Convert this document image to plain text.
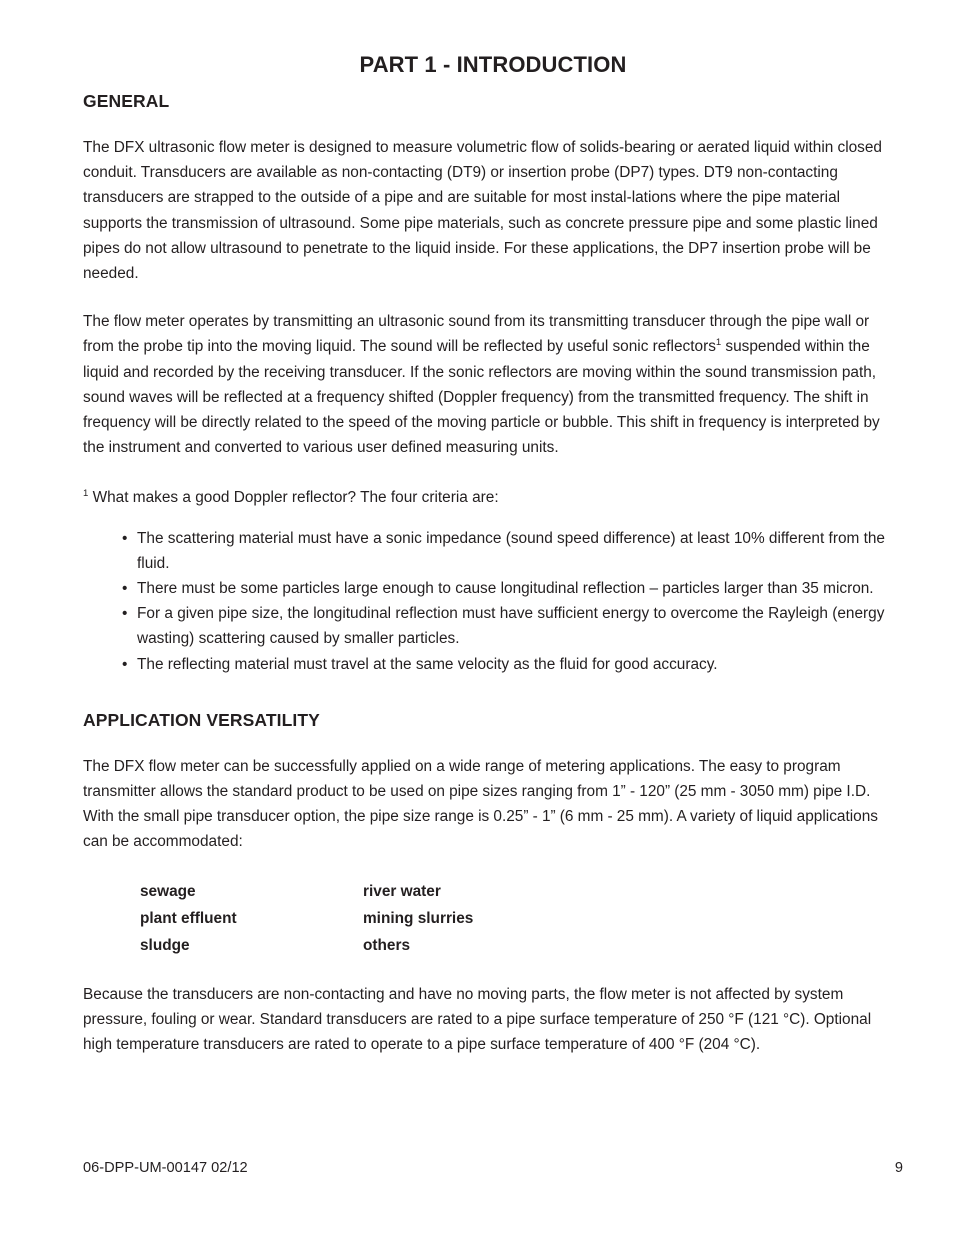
PART 1 - INTRODUCTION
GENERAL

The DFX ultrasonic flow meter is designed to measure volumetric flow of solids-bearing or aerated liquid within closed conduit. Transducers are available as non-contacting (DT9) or insertion probe (DP7) types. DT9 non-contacting transducers are strapped to the outside of a pipe and are suitable for most instal-lations where the pipe material supports the transmission of ultrasound. Some pipe materials, such as concrete pressure pipe and some plastic lined pipes do not allow ultrasound to penetrate to the liquid inside. For these applications, the DP7 insertion probe will be needed.

The flow meter operates by transmitting an ultrasonic sound from its transmitting transducer through the pipe wall or from the probe tip into the moving liquid. The sound will be reflected by useful sonic reflectors$^1$ suspended within the liquid and recorded by the receiving transducer. If the sonic reflectors are moving within the sound transmission path, sound waves will be reflected at a frequency shifted (Doppler frequency) from the transmitted frequency. The shift in frequency will be directly related to the speed of the moving particle or bubble. This shift in frequency is interpreted by the instrument and converted to various user defined measuring units.

$^1$ What makes a good Doppler reflector? The four criteria are:

• The scattering material must have a sonic impedance (sound speed difference) at least 10% different from the fluid.
• There must be some particles large enough to cause longitudinal reflection – particles larger than 35 micron.
• For a given pipe size, the longitudinal reflection must have sufficient energy to overcome the Rayleigh (energy wasting) scattering caused by smaller particles.
• The reflecting material must travel at the same velocity as the fluid for good accuracy.
APPLICATION VERSATILITY

The DFX flow meter can be successfully applied on a wide range of metering applications. The easy to program transmitter allows the standard product to be used on pipe sizes ranging from 1” - 120” (25 mm - 3050 mm) pipe I.D. With the small pipe transducer option, the pipe size range is 0.25” - 1” (6 mm - 25 mm). A variety of liquid applications can be accommodated:

sewage	river water
plant effluent	mining slurries
sludge	others

Because the transducers are non-contacting and have no moving parts, the flow meter is not affected by system pressure, fouling or wear. Standard transducers are rated to a pipe surface temperature of 250 °F (121 °C). Optional high temperature transducers are rated to operate to a pipe surface temperature of 400 °F (204 °C).

06-DPP-UM-00147 02/12	9
